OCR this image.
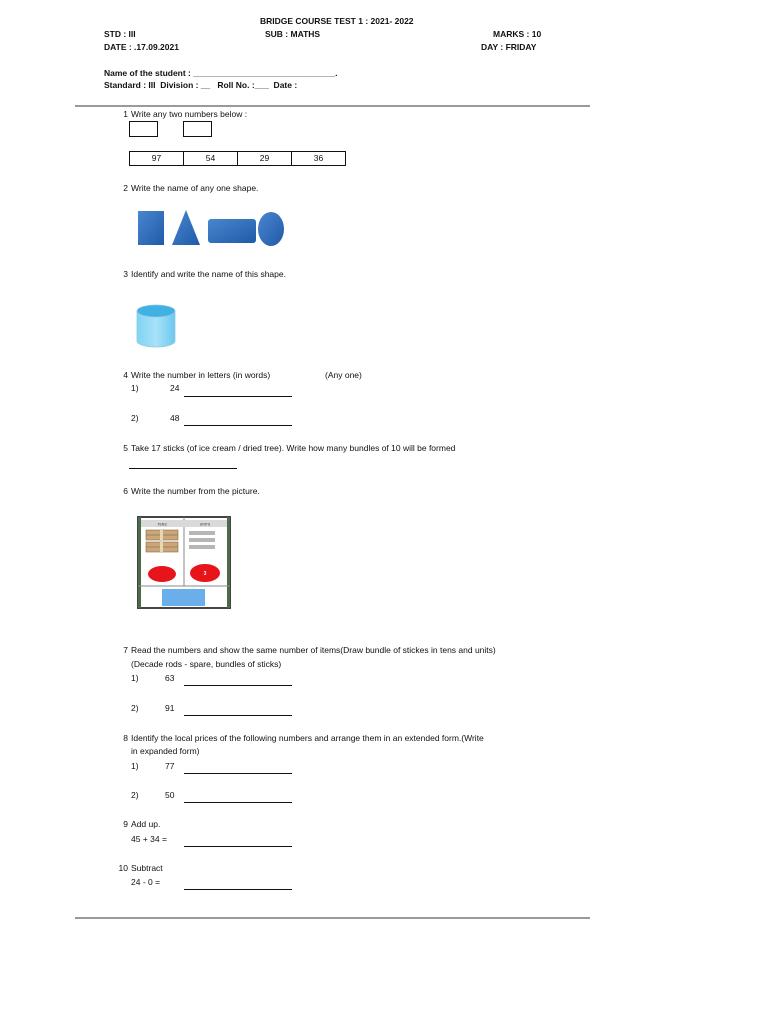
BRIDGE COURSE TEST 1 : 2021- 2022
STD : III	SUB : MATHS	MARKS : 10
DATE : .17.09.2021	DAY : FRIDAY
Name of the student : ______________________________.
Standard : III  Division : __   Roll No. :___  Date :
1 Write any two numbers below :
97	54	29	36
2 Write the name of any one shape.
3 Identify and write the name of this shape.
4 Write the number in letters (in words)	(Any one)
1)	24
2)	48
5 Take 17 sticks (of ice cream / dried tree). Write how many bundles of 10 will be formed
6 Write the number from the picture.
TENS	UNITS
3
7 Read the numbers and show the same number of items(Draw bundle of stickes in tens and units)
(Decade rods - spare, bundles of sticks)
1)	63
2)	91
8 Identify the local prices of the following numbers and arrange them in an extended form.(Write
in expanded form)
1)	77
2)	50
9 Add up.
45 + 34 =
10 Subtract
24 - 0 =
